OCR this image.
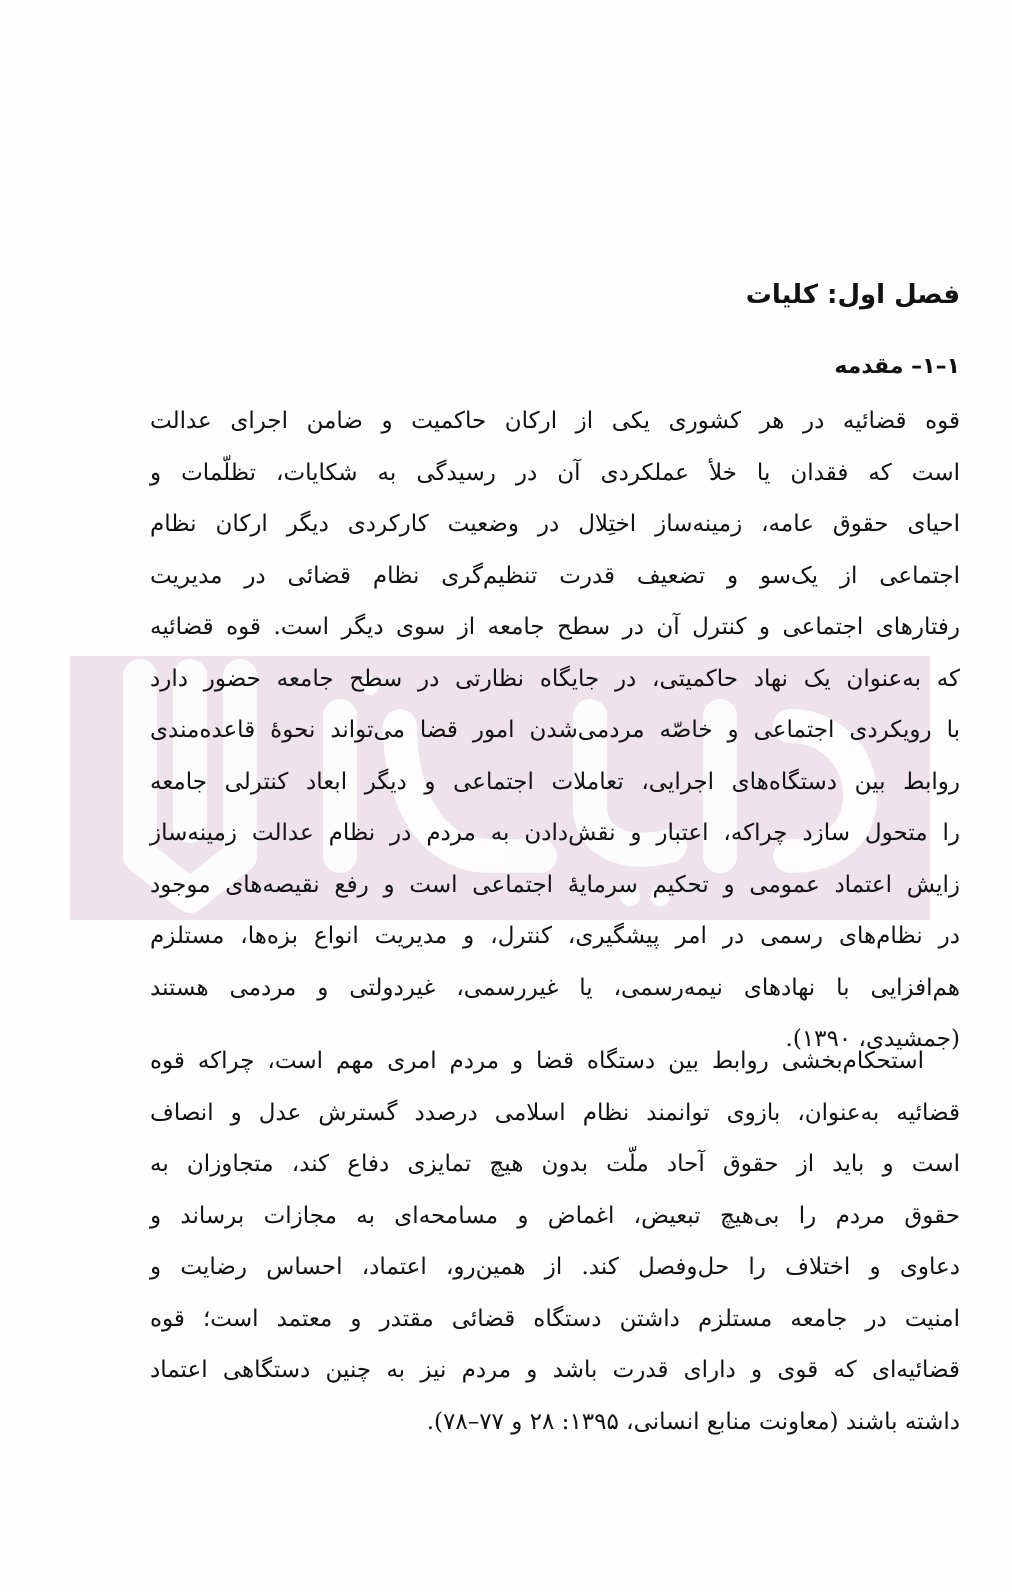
فصل اول: کلیات
۱–۱– مقدمه
قوه قضائیه در هر کشوری یکی از ارکان حاکمیت و ضامن اجرای عدالت
است که فقدان یا خلأ عملکردی آن در رسیدگی به شکایات، تظلّمات و
احیای حقوق عامه، زمینه‌ساز اختِلال در وضعیت کارکردی دیگر ارکان نظام
اجتماعی از یک‌سو و تضعیف قدرت تنظیم‌گری نظام قضائی در مدیریت
رفتارهای اجتماعی و کنترل آن در سطح جامعه از سوی دیگر است. قوه قضائیه
که به‌عنوان یک نهاد حاکمیتی، در جایگاه نظارتی در سطح جامعه حضور دارد
با رویکردی اجتماعی و خاصّه مردمی‌شدن امور قضا می‌تواند نحوهٔ قاعده‌مندی
روابط بین دستگاه‌های اجرایی، تعاملات اجتماعی و دیگر ابعاد کنترلی جامعه
را متحول سازد چراکه، اعتبار و نقش‌دادن به مردم در نظام عدالت زمینه‌ساز
زایش اعتماد عمومی و تحکیم سرمایهٔ اجتماعی است و رفع نقیصه‌های موجود
در نظام‌های رسمی در امر پیشگیری، کنترل، و مدیریت انواع بزه‌ها، مستلزم
هم‌افزایی با نهادهای نیمه‌رسمی، یا غیررسمی، غیردولتی و مردمی هستند
(جمشیدی، ۱۳۹۰).
استحکام‌بخشی روابط بین دستگاه قضا و مردم امری مهم است، چراکه قوه
قضائیه به‌عنوان، بازوی توانمند نظام اسلامی درصدد گسترش عدل و انصاف
است و باید از حقوق آحاد ملّت بدون هیچ تمایزی دفاع کند، متجاوزان به
حقوق مردم را بی‌هیچ تبعیض، اغماض و مسامحه‌ای به مجازات برساند و
دعاوی و اختلاف را حل‌وفصل کند. از همین‌رو، اعتماد، احساس رضایت و
امنیت در جامعه مستلزم داشتن دستگاه قضائی مقتدر و معتمد است؛ قوه
قضائیه‌ای که قوی و دارای قدرت باشد و مردم نیز به چنین دستگاهی اعتماد
داشته باشند (معاونت منابع انسانی، ۱۳۹۵: ۲۸ و ۷۷–۷۸).
